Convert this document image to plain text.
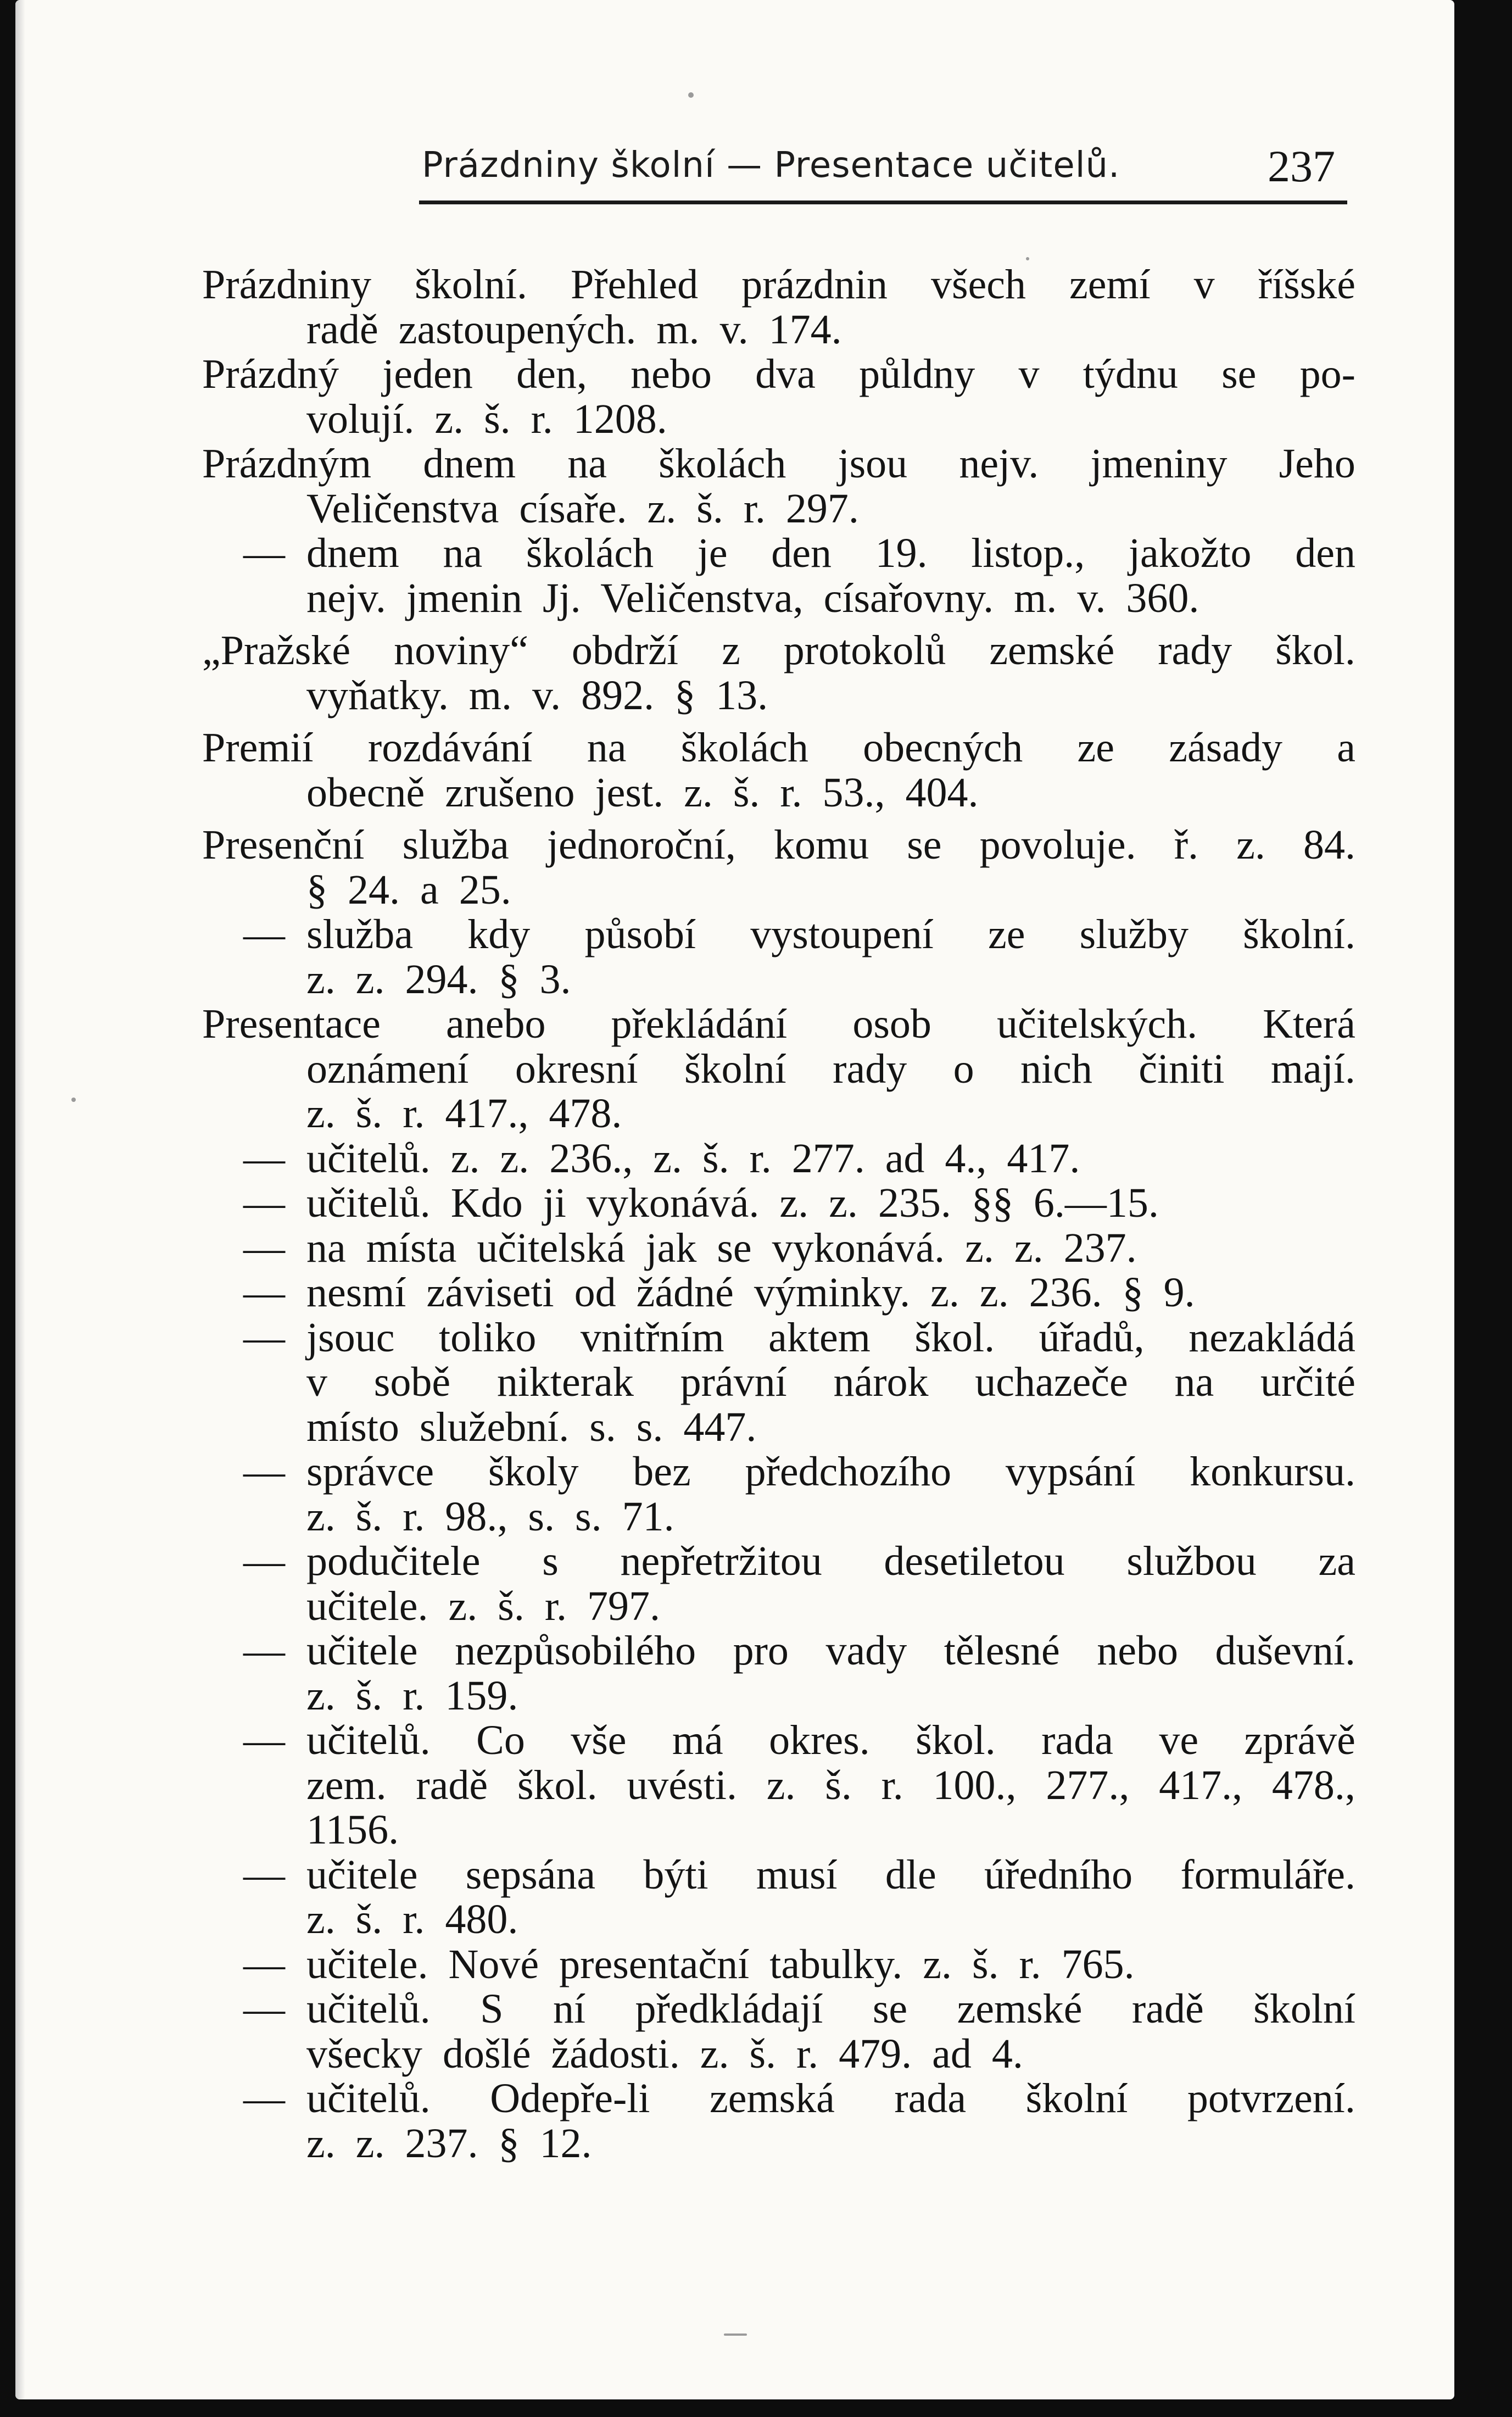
Prázdniny školní — Presentace učitelů.	237
Prázdniny školní. Přehled prázdnin všech zemí v říšské
radě zastoupených. m. v. 174.
Prázdný jeden den, nebo dva půldny v týdnu se po-
volují. z. š. r. 1208.
Prázdným dnem na školách jsou nejv. jmeniny Jeho
Veličenstva císaře. z. š. r. 297.
— dnem na školách je den 19. listop., jakožto den
nejv. jmenin Jj. Veličenstva, císařovny. m. v. 360.
„Pražské noviny“ obdrží z protokolů zemské rady škol.
vyňatky. m. v. 892. § 13.
Premií rozdávání na školách obecných ze zásady a
obecně zrušeno jest. z. š. r. 53., 404.
Presenční služba jednoroční, komu se povoluje. ř. z. 84.
§ 24. a 25.
— služba kdy působí vystoupení ze služby školní.
z. z. 294. § 3.
Presentace anebo překládání osob učitelských. Která
oznámení okresní školní rady o nich činiti mají.
z. š. r. 417., 478.
— učitelů. z. z. 236., z. š. r. 277. ad 4., 417.
— učitelů. Kdo ji vykonává. z. z. 235. §§ 6.—15.
— na místa učitelská jak se vykonává. z. z. 237.
— nesmí záviseti od žádné výminky. z. z. 236. § 9.
— jsouc toliko vnitřním aktem škol. úřadů, nezakládá
v sobě nikterak právní nárok uchazeče na určité
místo služební. s. s. 447.
— správce školy bez předchozího vypsání konkursu.
z. š. r. 98., s. s. 71.
— podučitele s nepřetržitou desetiletou službou za
učitele. z. š. r. 797.
— učitele nezpůsobilého pro vady tělesné nebo duševní.
z. š. r. 159.
— učitelů. Co vše má okres. škol. rada ve zprávě
zem. radě škol. uvésti. z. š. r. 100., 277., 417., 478.,
1156.
— učitele sepsána býti musí dle úředního formuláře.
z. š. r. 480.
— učitele. Nové presentační tabulky. z. š. r. 765.
— učitelů. S ní předkládají se zemské radě školní
všecky došlé žádosti. z. š. r. 479. ad 4.
— učitelů. Odepře-li zemská rada školní potvrzení.
z. z. 237. § 12.
